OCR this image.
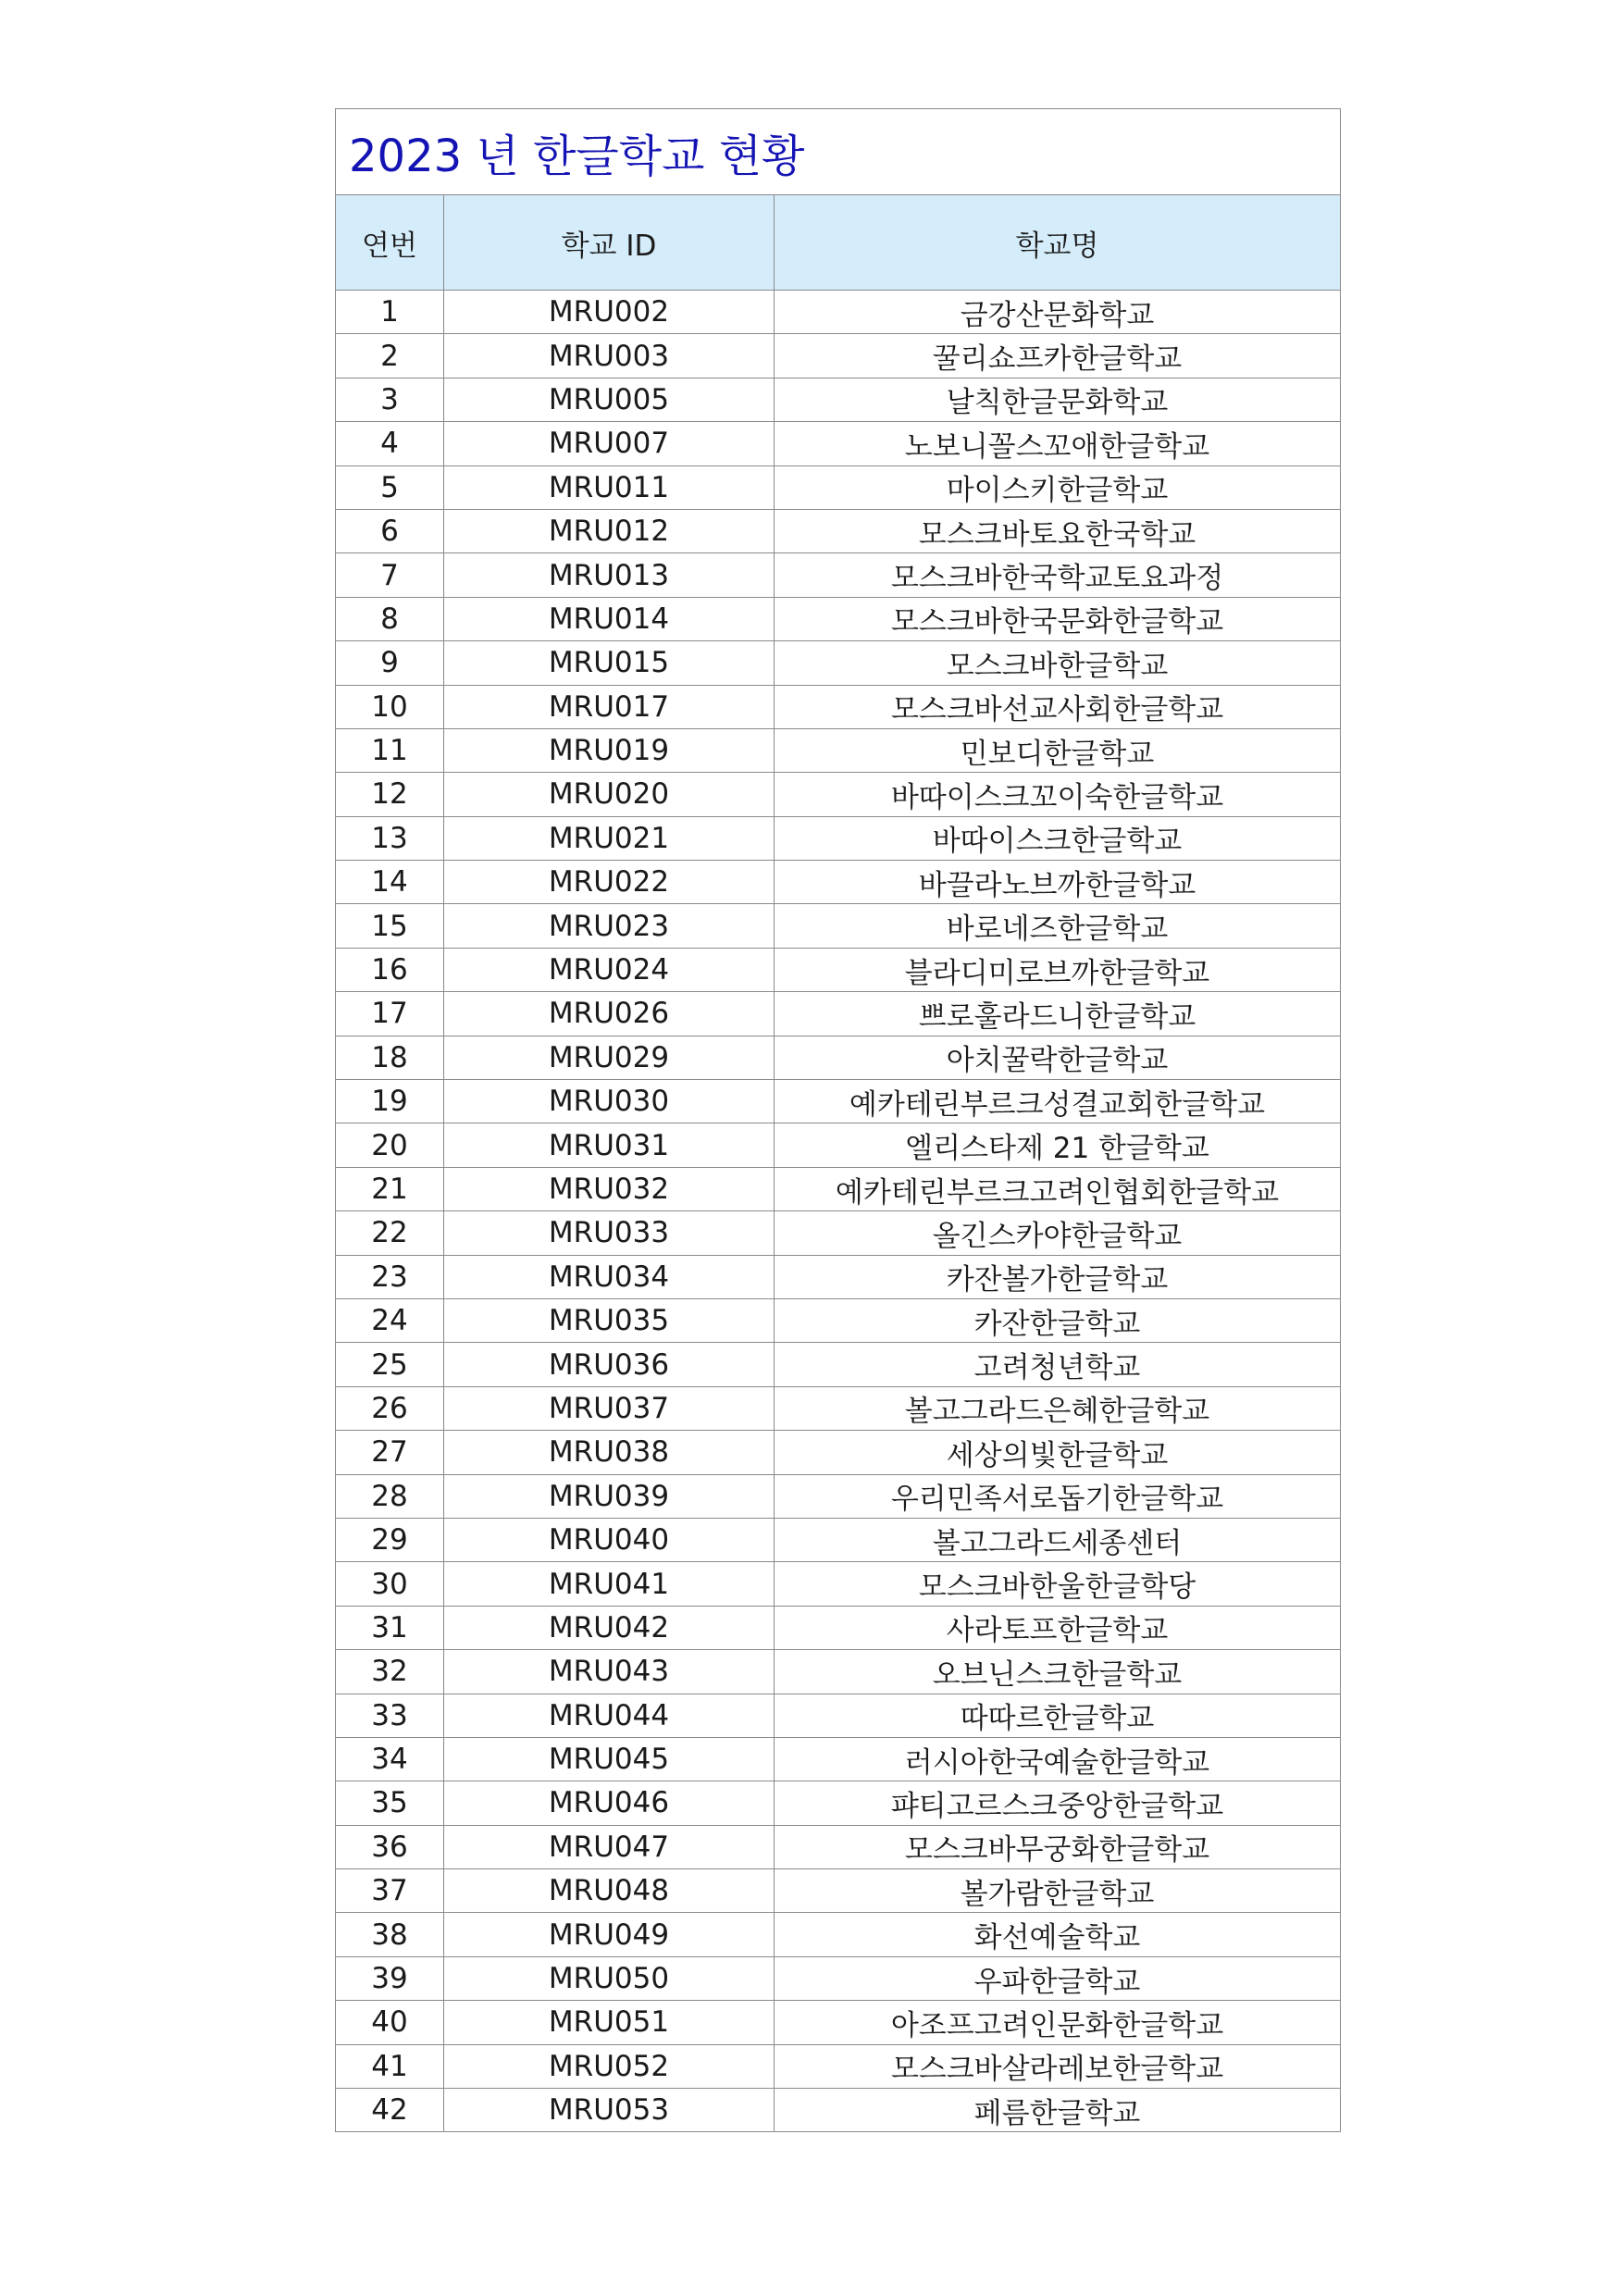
2023 년 한글학교 현황		
연번	학교 ID	학교명
1	MRU002	금강산문화학교
2	MRU003	꿀리쇼프카한글학교
3	MRU005	날칙한글문화학교
4	MRU007	노보니꼴스꼬애한글학교
5	MRU011	마이스키한글학교
6	MRU012	모스크바토요한국학교
7	MRU013	모스크바한국학교토요과정
8	MRU014	모스크바한국문화한글학교
9	MRU015	모스크바한글학교
10	MRU017	모스크바선교사회한글학교
11	MRU019	민보디한글학교
12	MRU020	바따이스크꼬이숙한글학교
13	MRU021	바따이스크한글학교
14	MRU022	바끌라노브까한글학교
15	MRU023	바로네즈한글학교
16	MRU024	블라디미로브까한글학교
17	MRU026	쁘로훌라드니한글학교
18	MRU029	아치꿀락한글학교
19	MRU030	예카테린부르크성결교회한글학교
20	MRU031	엘리스타제 21 한글학교
21	MRU032	예카테린부르크고려인협회한글학교
22	MRU033	올긴스카야한글학교
23	MRU034	카잔볼가한글학교
24	MRU035	카잔한글학교
25	MRU036	고려청년학교
26	MRU037	볼고그라드은혜한글학교
27	MRU038	세상의빛한글학교
28	MRU039	우리민족서로돕기한글학교
29	MRU040	볼고그라드세종센터
30	MRU041	모스크바한울한글학당
31	MRU042	사라토프한글학교
32	MRU043	오브닌스크한글학교
33	MRU044	따따르한글학교
34	MRU045	러시아한국예술한글학교
35	MRU046	퍄티고르스크중앙한글학교
36	MRU047	모스크바무궁화한글학교
37	MRU048	볼가람한글학교
38	MRU049	화선예술학교
39	MRU050	우파한글학교
40	MRU051	아조프고려인문화한글학교
41	MRU052	모스크바살라레보한글학교
42	MRU053	페름한글학교
